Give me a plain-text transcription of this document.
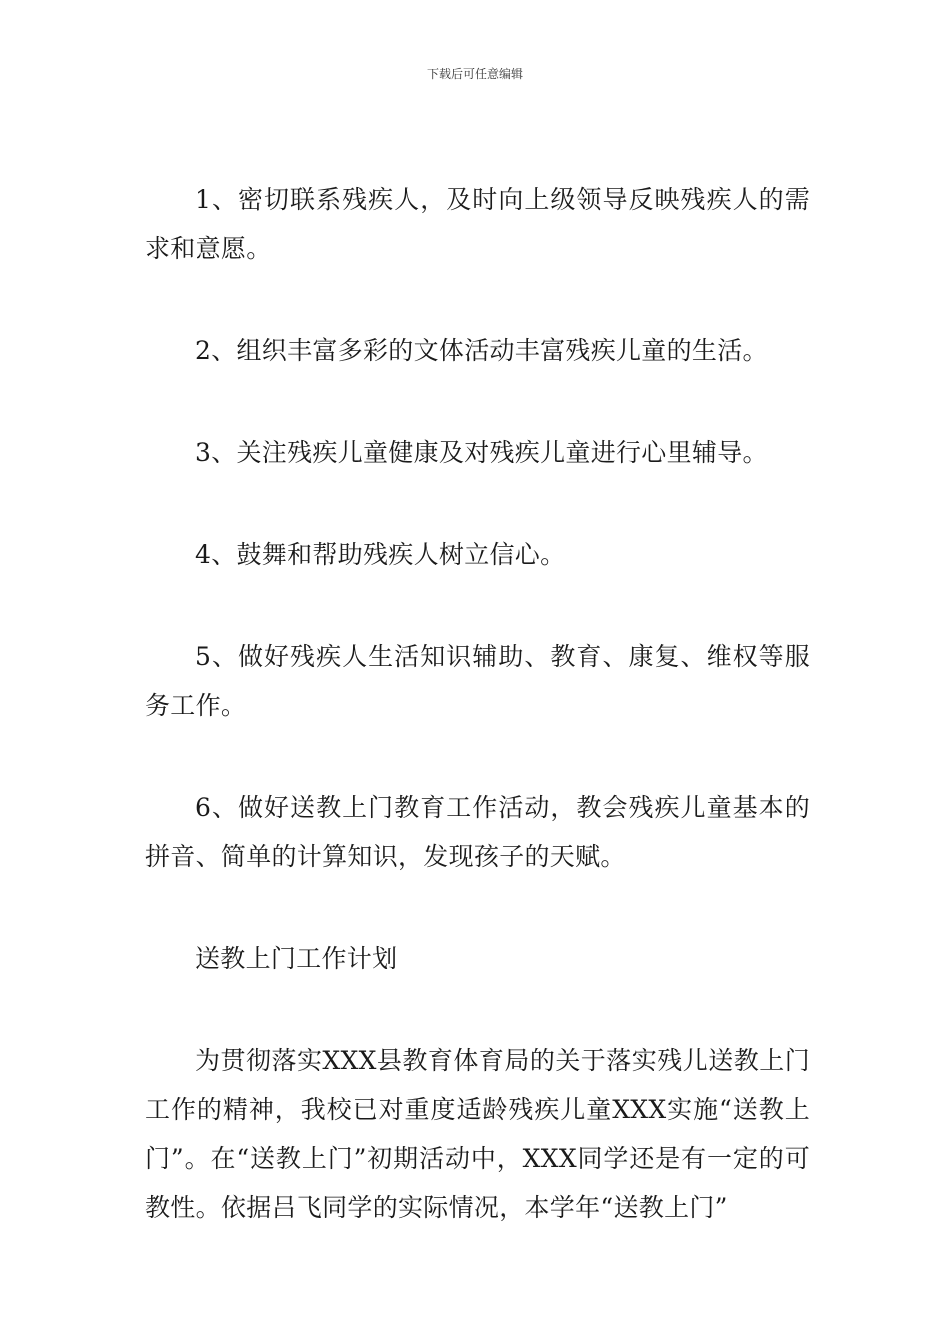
下载后可任意编辑

1、密切联系残疾人，及时向上级领导反映残疾人的需求和意愿。

2、组织丰富多彩的文体活动丰富残疾儿童的生活。

3、关注残疾儿童健康及对残疾儿童进行心里辅导。

4、鼓舞和帮助残疾人树立信心。

5、做好残疾人生活知识辅助、教育、康复、维权等服务工作。

6、做好送教上门教育工作活动，教会残疾儿童基本的拼音、简单的计算知识，发现孩子的天赋。

送教上门工作计划

为贯彻落实XXX县教育体育局的关于落实残儿送教上门工作的精神，我校已对重度适龄残疾儿童XXX实施“送教上门”。在“送教上门”初期活动中，XXX同学还是有一定的可教性。依据吕飞同学的实际情况，本学年“送教上门”
